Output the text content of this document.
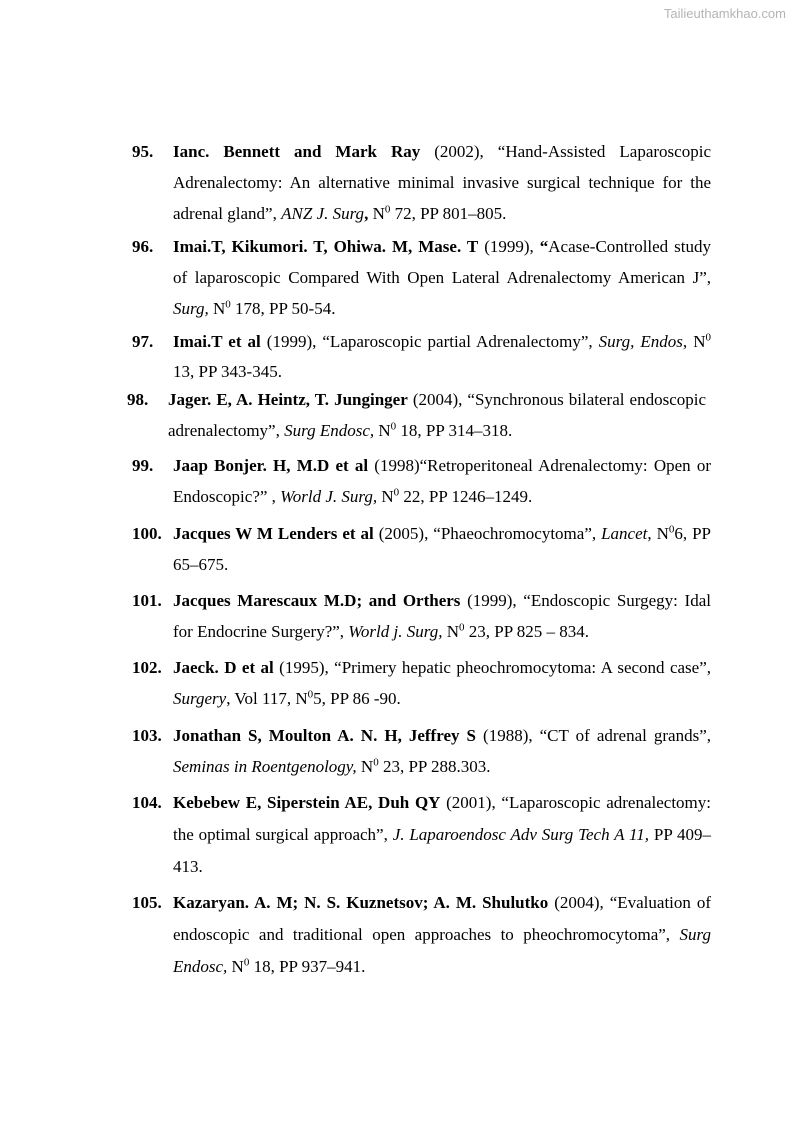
Tailieuthamkhao.com
95. Ianc. Bennett and Mark Ray (2002), “Hand-Assisted Laparoscopic Adrenalectomy: An alternative minimal invasive surgical technique for the adrenal gland”, ANZ J. Surg, $N^0$ 72, PP 801–805.
96. Imai.T, Kikumori. T, Ohiwa. M, Mase. T (1999), “Acase-Controlled study of laparoscopic Compared With Open Lateral Adrenalectomy American J”, Surg, $N^0$ 178, PP 50-54.
97. Imai.T et al (1999), “Laparoscopic partial Adrenalectomy”, Surg, Endos, $N^0$ 13, PP 343-345.
98. Jager. E, A. Heintz, T. Junginger (2004), “Synchronous bilateral endoscopic adrenalectomy”, Surg Endosc, $N^0$ 18, PP 314–318.
99. Jaap Bonjer. H, M.D et al (1998)“Retroperitoneal Adrenalectomy: Open or Endoscopic?” , World J. Surg, $N^0$ 22, PP 1246–1249.
100. Jacques W M Lenders et al (2005), “Phaeochromocytoma”, Lancet, $N^06$, PP 65–675.
101. Jacques Marescaux M.D; and Orthers (1999), “Endoscopic Surgegy: Idal for Endocrine Surgery?”, World j. Surg, $N^0$ 23, PP 825 – 834.
102. Jaeck. D et al (1995), “Primery hepatic pheochromocytoma: A second case”, Surgery, Vol 117, $N^05$, PP 86 -90.
103. Jonathan S, Moulton A. N. H, Jeffrey S (1988), “CT of adrenal grands”, Seminas in Roentgenology, $N^0$ 23, PP 288.303.
104. Kebebew E, Siperstein AE, Duh QY (2001), “Laparoscopic adrenalectomy: the optimal surgical approach”, J. Laparoendosc Adv Surg Tech A 11, PP 409–413.
105. Kazaryan. A. M; N. S. Kuznetsov; A. M. Shulutko (2004), “Evaluation of endoscopic and traditional open approaches to pheochromocytoma”, Surg Endosc, $N^0$ 18, PP 937–941.
